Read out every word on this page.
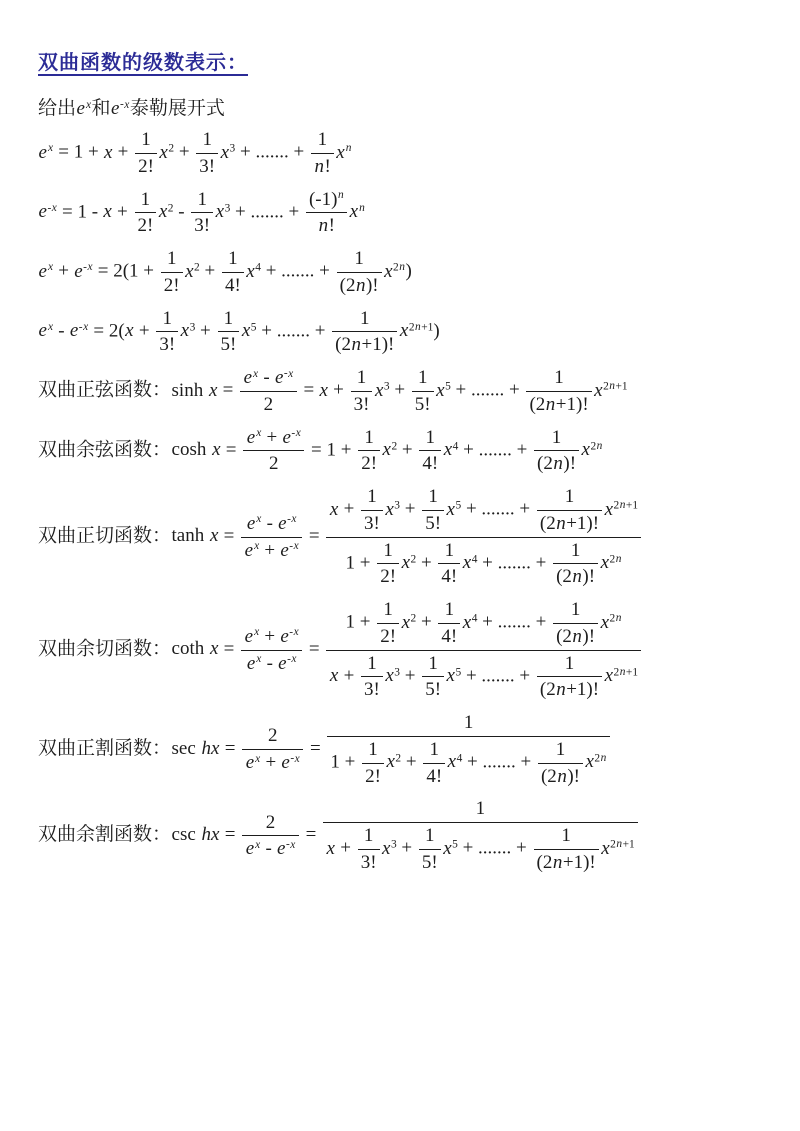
双曲函数的级数表示：

给出$e^x$和$e^{-x}$泰勒展开式

$e^x = 1 + x + \frac{1}{2!} x^2 + \frac{1}{3!} x^3$ + ....... + $\frac{1}{n!} x^n$
$e^{-x} = 1 - x + \frac{1}{2!} x^2 - \frac{1}{3!} x^3$ + ....... + $\frac{(-1)^n}{n!} x^n$
$e^x + e^{-x} = 2(1 + \frac{1}{2!} x^2 + \frac{1}{4!} x^4$ + ....... + $\frac{1}{(2n)!} x^{2n}$)
$e^x - e^{-x} = 2(x + \frac{1}{3!} x^3 + \frac{1}{5!} x^5$ + ....... + $\frac{1}{(2n+1)!} x^{2n+1}$)
双曲正弦函数：$\sinh x = \frac{e^x - e^{-x}}{2} = x + \frac{1}{3!} x^3 + \frac{1}{5!} x^5$ + ....... + $\frac{1}{(2n+1)!} x^{2n+1}$
双曲余弦函数：$\cosh x = \frac{e^x + e^{-x}}{2} = 1 + \frac{1}{2!} x^2 + \frac{1}{4!} x^4$ + ....... + $\frac{1}{(2n)!} x^{2n}$
双曲正切函数：$\tanh x = \frac{e^x - e^{-x}}{e^x + e^{-x}} = \frac{x + \frac{1}{3!} x^3 + \frac{1}{5!} x^5 + ....... + \frac{1}{(2n+1)!} x^{2n+1}}{1 + \frac{1}{2!} x^2 + \frac{1}{4!} x^4 + ....... + \frac{1}{(2n)!} x^{2n}}$
双曲余切函数：coth $x = \frac{e^x + e^{-x}}{e^x - e^{-x}} = \frac{1 + \frac{1}{2!} x^2 + \frac{1}{4!} x^4 + ....... + \frac{1}{(2n)!} x^{2n}}{x + \frac{1}{3!} x^3 + \frac{1}{5!} x^5 + ....... + \frac{1}{(2n+1)!} x^{2n+1}}$
双曲正割函数：sec hx = $\frac{2}{e^x + e^{-x}} = \frac{1}{1 + \frac{1}{2!} x^2 + \frac{1}{4!} x^4 + ....... + \frac{1}{(2n)!} x^{2n}}$
双曲余割函数：csc hx = $\frac{2}{e^x - e^{-x}} = \frac{1}{x + \frac{1}{3!} x^3 + \frac{1}{5!} x^5 + ....... + \frac{1}{(2n+1)!} x^{2n+1}}$
